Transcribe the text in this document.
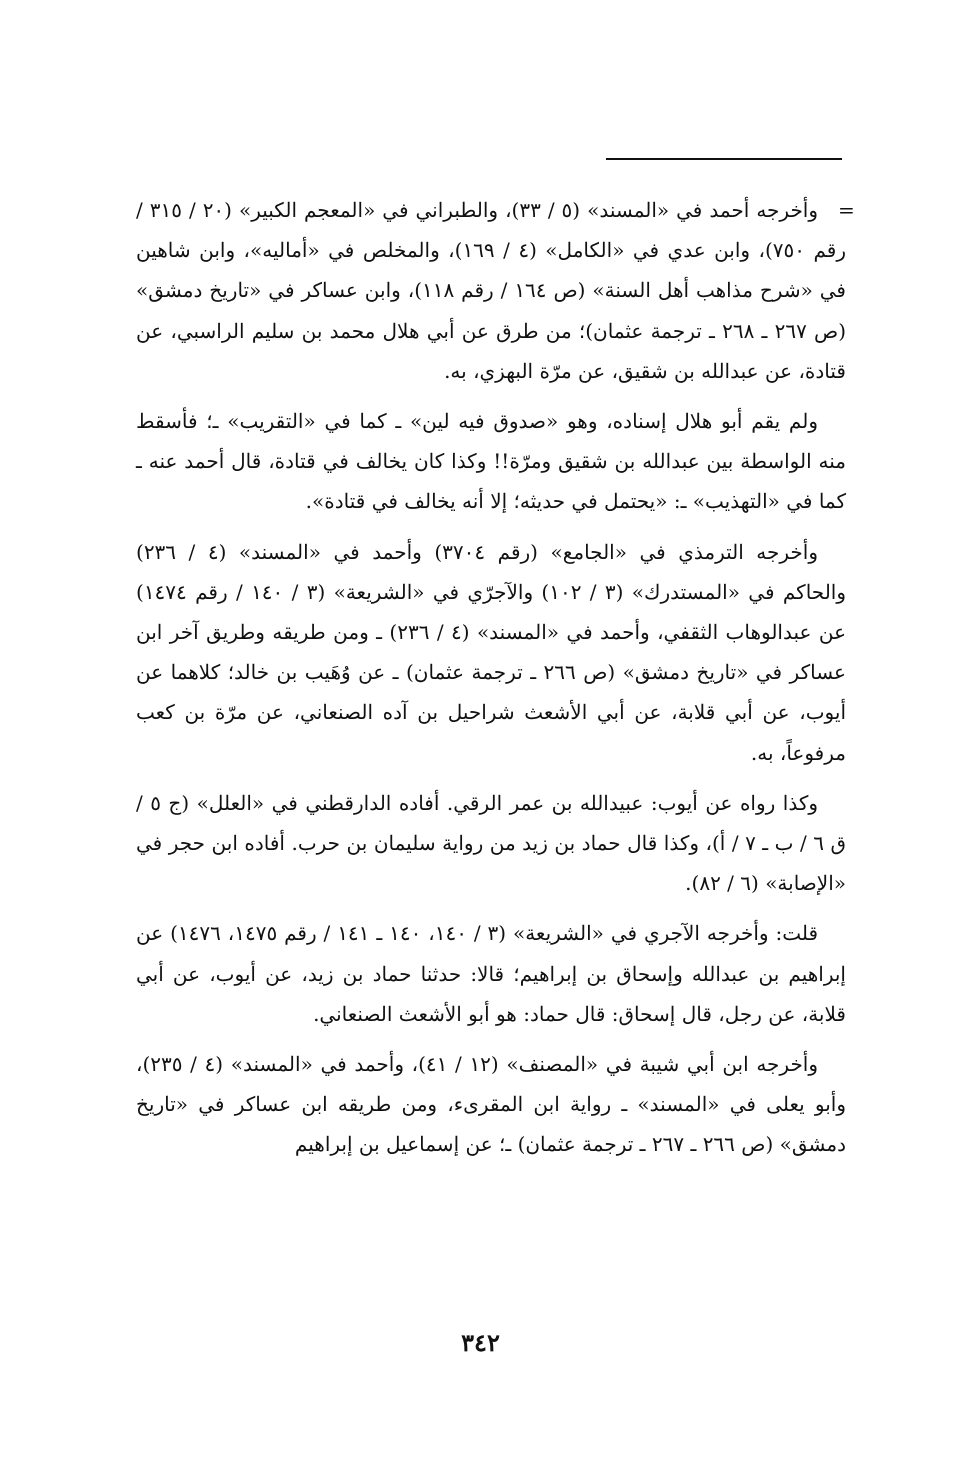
=

وأخرجه أحمد في «المسند» (٥ / ٣٣)، والطبراني في «المعجم الكبير» (٢٠ / ٣١٥ / رقم ٧٥٠)، وابن عدي في «الكامل» (٤ / ١٦٩)، والمخلص في «أماليه»، وابن شاهين في «شرح مذاهب أهل السنة» (ص ١٦٤ / رقم ١١٨)، وابن عساكر في «تاريخ دمشق» (ص ٢٦٧ ـ ٢٦٨ ـ ترجمة عثمان)؛ من طرق عن أبي هلال محمد بن سليم الراسبي، عن قتادة، عن عبدالله بن شقيق، عن مرّة البهزي، به.

ولم يقم أبو هلال إسناده، وهو «صدوق فيه لين» ـ كما في «التقريب» ـ؛ فأسقط منه الواسطة بين عبدالله بن شقيق ومرّة!! وكذا كان يخالف في قتادة، قال أحمد عنه ـ كما في «التهذيب» ـ: «يحتمل في حديثه؛ إلا أنه يخالف في قتادة».

وأخرجه الترمذي في «الجامع» (رقم ٣٧٠٤) وأحمد في «المسند» (٤ / ٢٣٦) والحاكم في «المستدرك» (٣ / ١٠٢) والآجرّي في «الشريعة» (٣ / ١٤٠ / رقم ١٤٧٤) عن عبدالوهاب الثقفي، وأحمد في «المسند» (٤ / ٢٣٦) ـ ومن طريقه وطريق آخر ابن عساكر في «تاريخ دمشق» (ص ٢٦٦ ـ ترجمة عثمان) ـ عن وُهَيب بن خالد؛ كلاهما عن أيوب، عن أبي قلابة، عن أبي الأشعث شراحيل بن آده الصنعاني، عن مرّة بن كعب مرفوعاً، به.

وكذا رواه عن أيوب: عبيدالله بن عمر الرقي. أفاده الدارقطني في «العلل» (ج ٥ / ق ٦ / ب ـ ٧ / أ)، وكذا قال حماد بن زيد من رواية سليمان بن حرب. أفاده ابن حجر في «الإصابة» (٦ / ٨٢).

قلت: وأخرجه الآجري في «الشريعة» (٣ / ١٤٠، ١٤٠ ـ ١٤١ / رقم ١٤٧٥، ١٤٧٦) عن إبراهيم بن عبدالله وإسحاق بن إبراهيم؛ قالا: حدثنا حماد بن زيد، عن أيوب، عن أبي قلابة، عن رجل، قال إسحاق: قال حماد: هو أبو الأشعث الصنعاني.

وأخرجه ابن أبي شيبة في «المصنف» (١٢ / ٤١)، وأحمد في «المسند» (٤ / ٢٣٥)، وأبو يعلى في «المسند» ـ رواية ابن المقرىء، ومن طريقه ابن عساكر في «تاريخ دمشق» (ص ٢٦٦ ـ ٢٦٧ ـ ترجمة عثمان) ـ؛ عن إسماعيل بن إبراهيم

٣٤٢
